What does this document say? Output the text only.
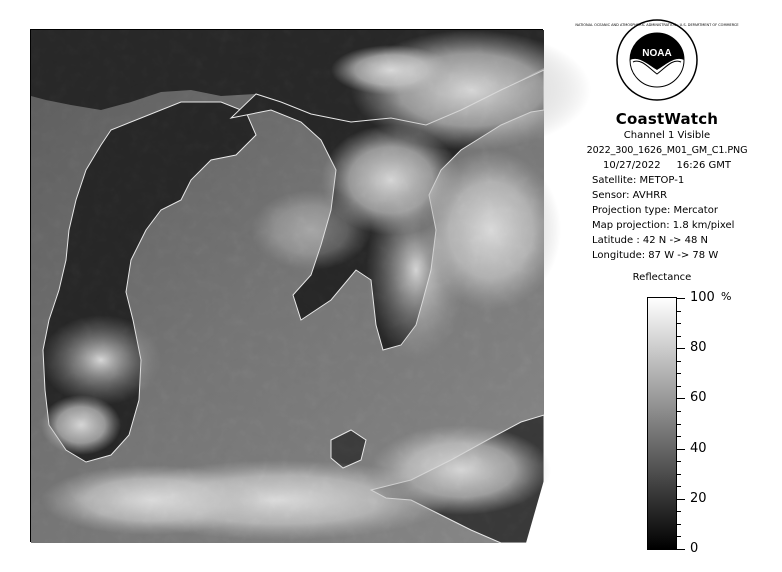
NOAA
NATIONAL OCEANIC AND ATMOSPHERIC ADMINISTRATION · U.S. DEPARTMENT OF COMMERCE
CoastWatch
Channel 1 Visible
2022_300_1626_M01_GM_C1.PNG
10/27/2022 16:26 GMT
Satellite: METOP-1
Sensor: AVHRR
Projection type: Mercator
Map projection: 1.8 km/pixel
Latitude : 42 N -> 48 N
Longitude: 87 W -> 78 W
Reflectance
%
100
80
60
40
20
0
